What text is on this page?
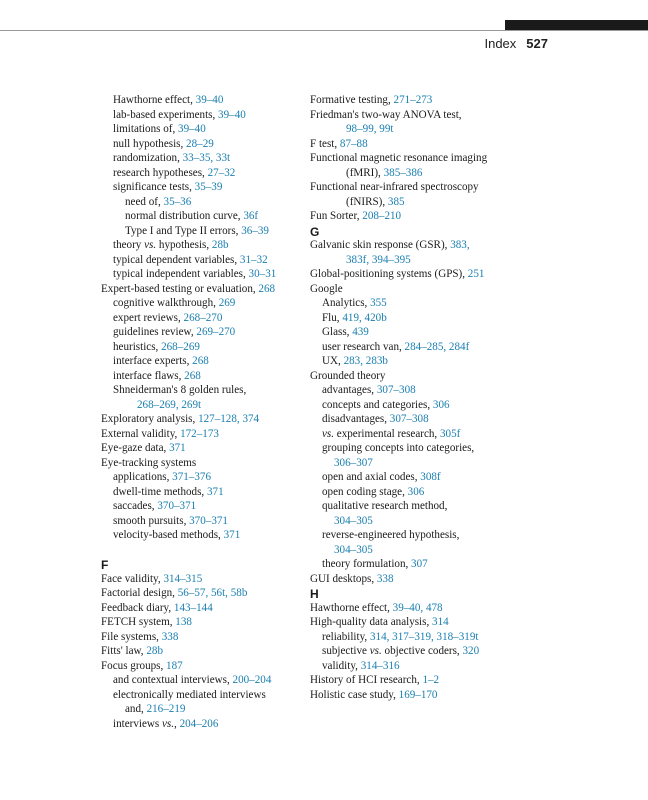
Index 527
Hawthorne effect, 39–40
lab-based experiments, 39–40
limitations of, 39–40
null hypothesis, 28–29
randomization, 33–35, 33t
research hypotheses, 27–32
significance tests, 35–39
need of, 35–36
normal distribution curve, 36f
Type I and Type II errors, 36–39
theory vs. hypothesis, 28b
typical dependent variables, 31–32
typical independent variables, 30–31
Expert-based testing or evaluation, 268
cognitive walkthrough, 269
expert reviews, 268–270
guidelines review, 269–270
heuristics, 268–269
interface experts, 268
interface flaws, 268
Shneiderman's 8 golden rules,
268–269, 269t
Exploratory analysis, 127–128, 374
External validity, 172–173
Eye-gaze data, 371
Eye-tracking systems
applications, 371–376
dwell-time methods, 371
saccades, 370–371
smooth pursuits, 370–371
velocity-based methods, 371
F
Face validity, 314–315
Factorial design, 56–57, 56t, 58b
Feedback diary, 143–144
FETCH system, 138
File systems, 338
Fitts' law, 28b
Focus groups, 187
and contextual interviews, 200–204
electronically mediated interviews
and, 216–219
interviews vs., 204–206
Formative testing, 271–273
Friedman's two-way ANOVA test,
98–99, 99t
F test, 87–88
Functional magnetic resonance imaging
(fMRI), 385–386
Functional near-infrared spectroscopy
(fNIRS), 385
Fun Sorter, 208–210
G
Galvanic skin response (GSR), 383,
383f, 394–395
Global-positioning systems (GPS), 251
Google
Analytics, 355
Flu, 419, 420b
Glass, 439
user research van, 284–285, 284f
UX, 283, 283b
Grounded theory
advantages, 307–308
concepts and categories, 306
disadvantages, 307–308
vs. experimental research, 305f
grouping concepts into categories,
306–307
open and axial codes, 308f
open coding stage, 306
qualitative research method,
304–305
reverse-engineered hypothesis,
304–305
theory formulation, 307
GUI desktops, 338
H
Hawthorne effect, 39–40, 478
High-quality data analysis, 314
reliability, 314, 317–319, 318–319t
subjective vs. objective coders, 320
validity, 314–316
History of HCI research, 1–2
Holistic case study, 169–170
